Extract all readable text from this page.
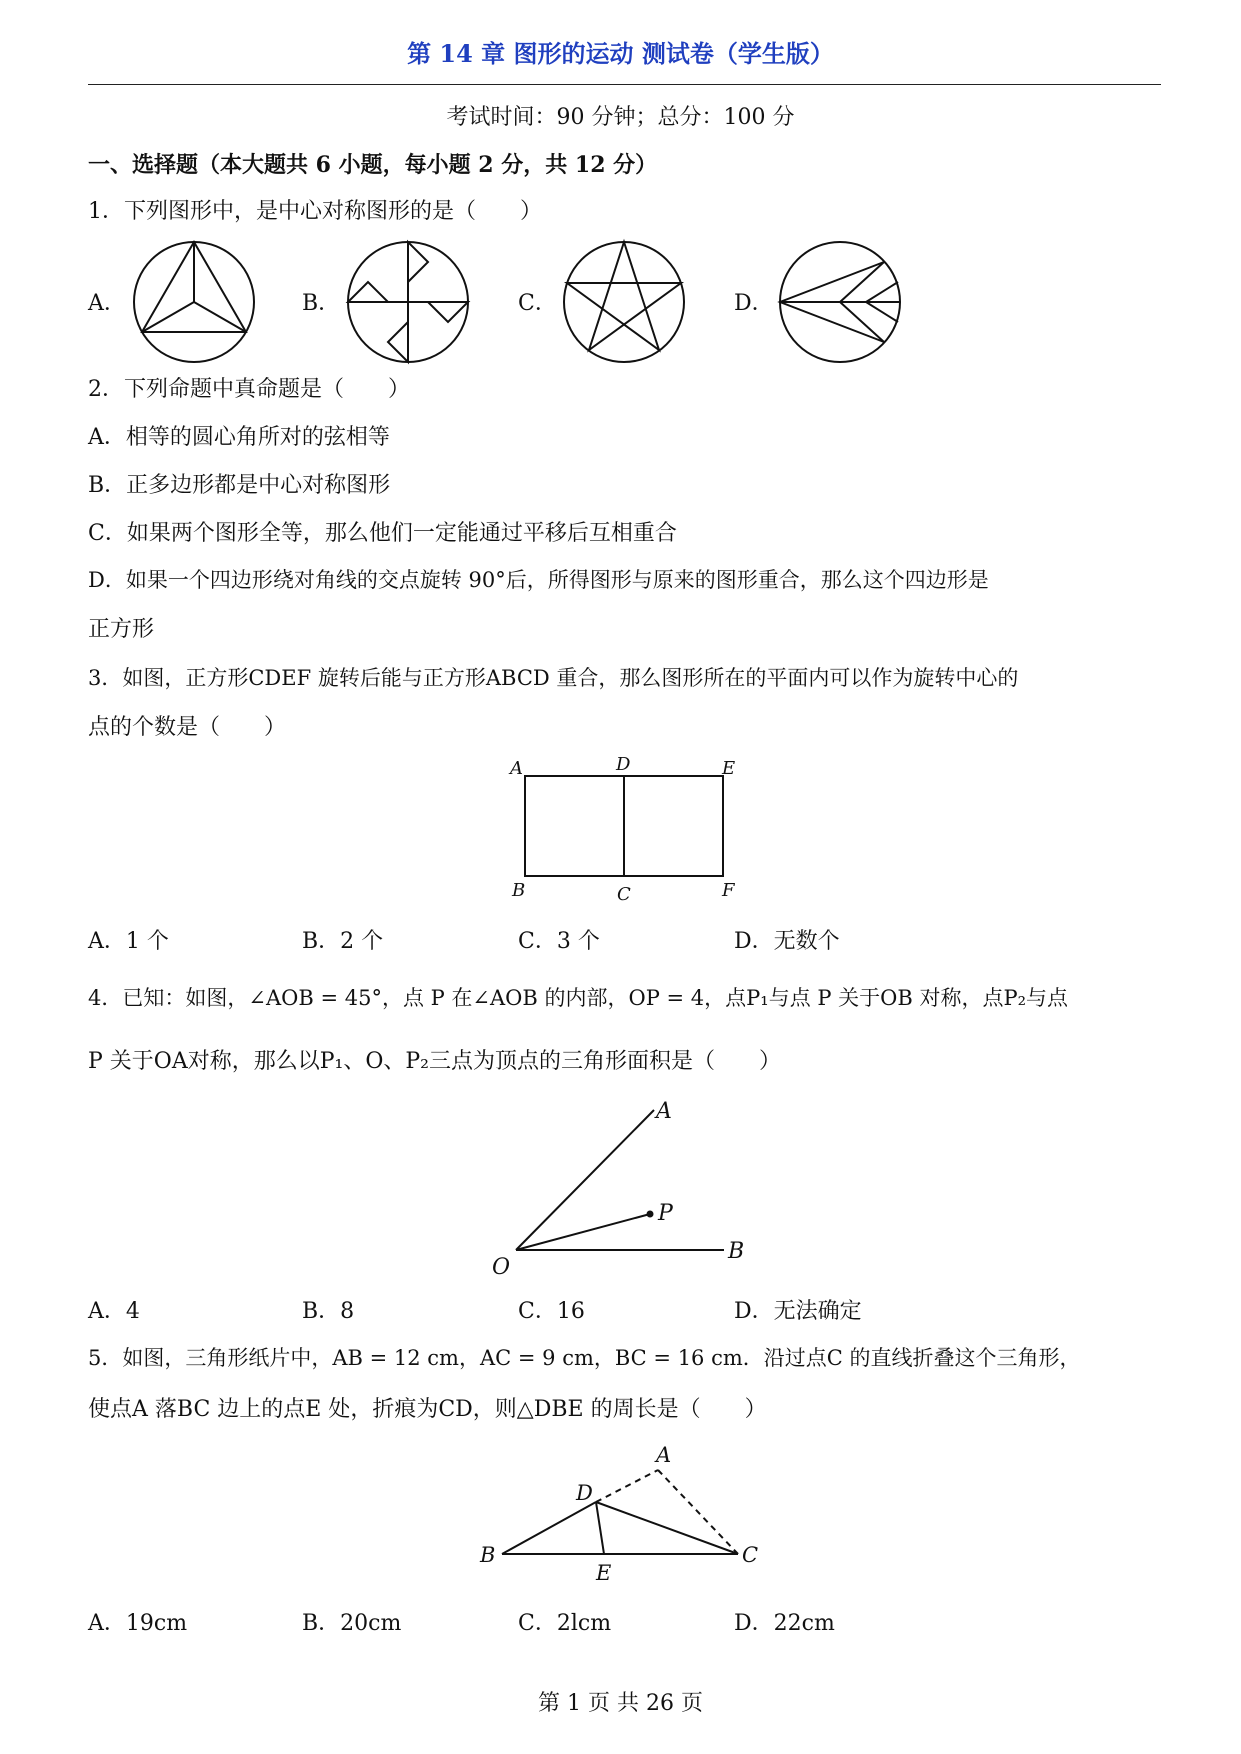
第 14 章 图形的运动 测试卷（学生版）
考试时间：90 分钟；总分：100 分
一、选择题（本大题共 6 小题，每小题 2 分，共 12 分）
1．下列图形中，是中心对称图形的是（　　）
A．	B．	C．	D．
2．下列命题中真命题是（　　）
A．相等的圆心角所对的弦相等
B．正多边形都是中心对称图形
C．如果两个图形全等，那么他们一定能通过平移后互相重合
D．如果一个四边形绕对角线的交点旋转 90°后，所得图形与原来的图形重合，那么这个四边形是
正方形
3．如图，正方形CDEF 旋转后能与正方形ABCD 重合，那么图形所在的平面内可以作为旋转中心的
点的个数是（　　）
A	D	E
B	C	F
A．1 个	B．2 个	C．3 个	D．无数个
4．已知：如图，∠AOB = 45°，点 P 在∠AOB 的内部，OP = 4，点P₁与点 P 关于OB 对称，点P₂与点
P 关于OA对称，那么以P₁、O、P₂三点为顶点的三角形面积是（　　）
A
P
O
B
A．4	B．8	C．16	D．无法确定
5．如图，三角形纸片中，AB = 12 cm，AC = 9 cm，BC = 16 cm．沿过点C 的直线折叠这个三角形，
使点A 落BC 边上的点E 处，折痕为CD，则△DBE 的周长是（　　）
A
D
B
E
C
A．19cm	B．20cm	C．2lcm	D．22cm
第 1 页 共 26 页
